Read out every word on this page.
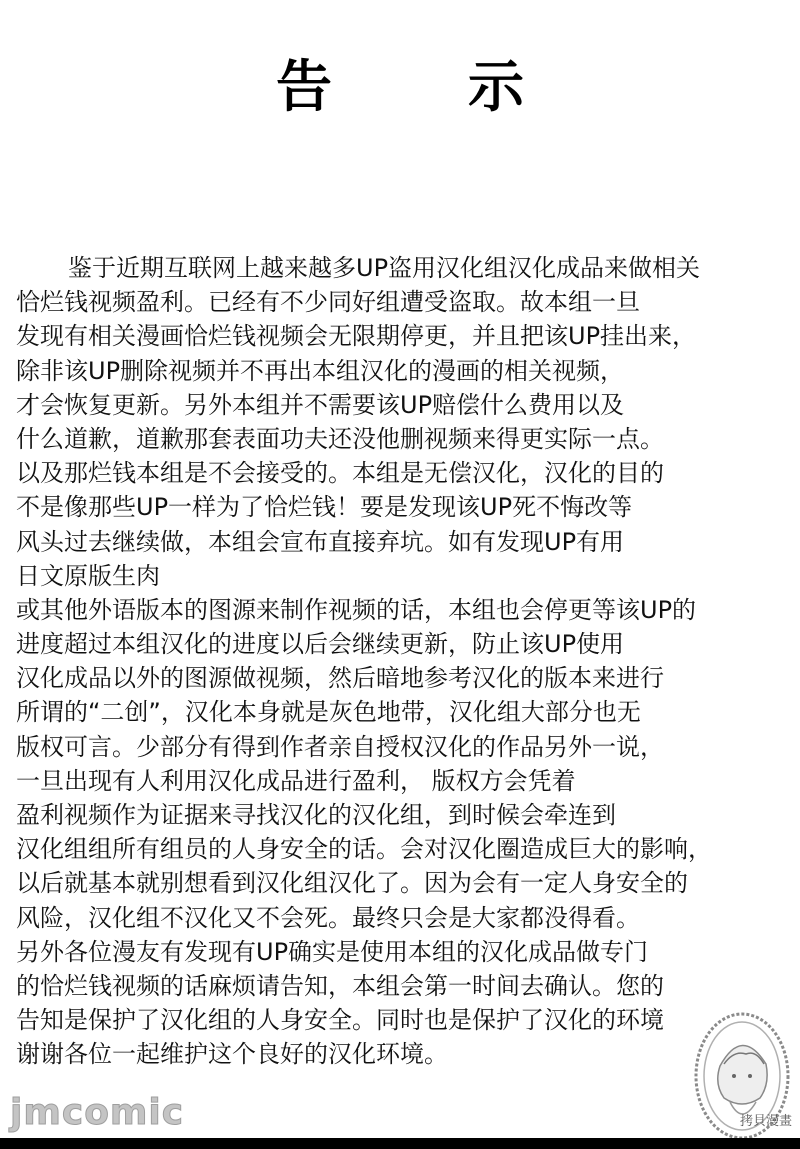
告 示
鉴于近期互联网上越来越多UP盗用汉化组汉化成品来做相关
恰烂钱视频盈利。已经有不少同好组遭受盗取。故本组一旦
发现有相关漫画恰烂钱视频会无限期停更，并且把该UP挂出来，
除非该UP删除视频并不再出本组汉化的漫画的相关视频，
才会恢复更新。另外本组并不需要该UP赔偿什么费用以及
什么道歉，道歉那套表面功夫还没他删视频来得更实际一点。
以及那烂钱本组是不会接受的。本组是无偿汉化，汉化的目的
不是像那些UP一样为了恰烂钱！要是发现该UP死不悔改等
风头过去继续做，本组会宣布直接弃坑。如有发现UP有用
日文原版生肉
或其他外语版本的图源来制作视频的话，本组也会停更等该UP的
进度超过本组汉化的进度以后会继续更新，防止该UP使用
汉化成品以外的图源做视频，然后暗地参考汉化的版本来进行
所谓的“二创”，汉化本身就是灰色地带，汉化组大部分也无
版权可言。少部分有得到作者亲自授权汉化的作品另外一说，
一旦出现有人利用汉化成品进行盈利， 版权方会凭着
盈利视频作为证据来寻找汉化的汉化组，到时候会牵连到
汉化组组所有组员的人身安全的话。会对汉化圈造成巨大的影响，
以后就基本就别想看到汉化组汉化了。因为会有一定人身安全的
风险，汉化组不汉化又不会死。最终只会是大家都没得看。
另外各位漫友有发现有UP确实是使用本组的汉化成品做专门
的恰烂钱视频的话麻烦请告知，本组会第一时间去确认。您的
告知是保护了汉化组的人身安全。同时也是保护了汉化的环境
谢谢各位一起维护这个良好的汉化环境。
jmcomic	拷貝漫畫
